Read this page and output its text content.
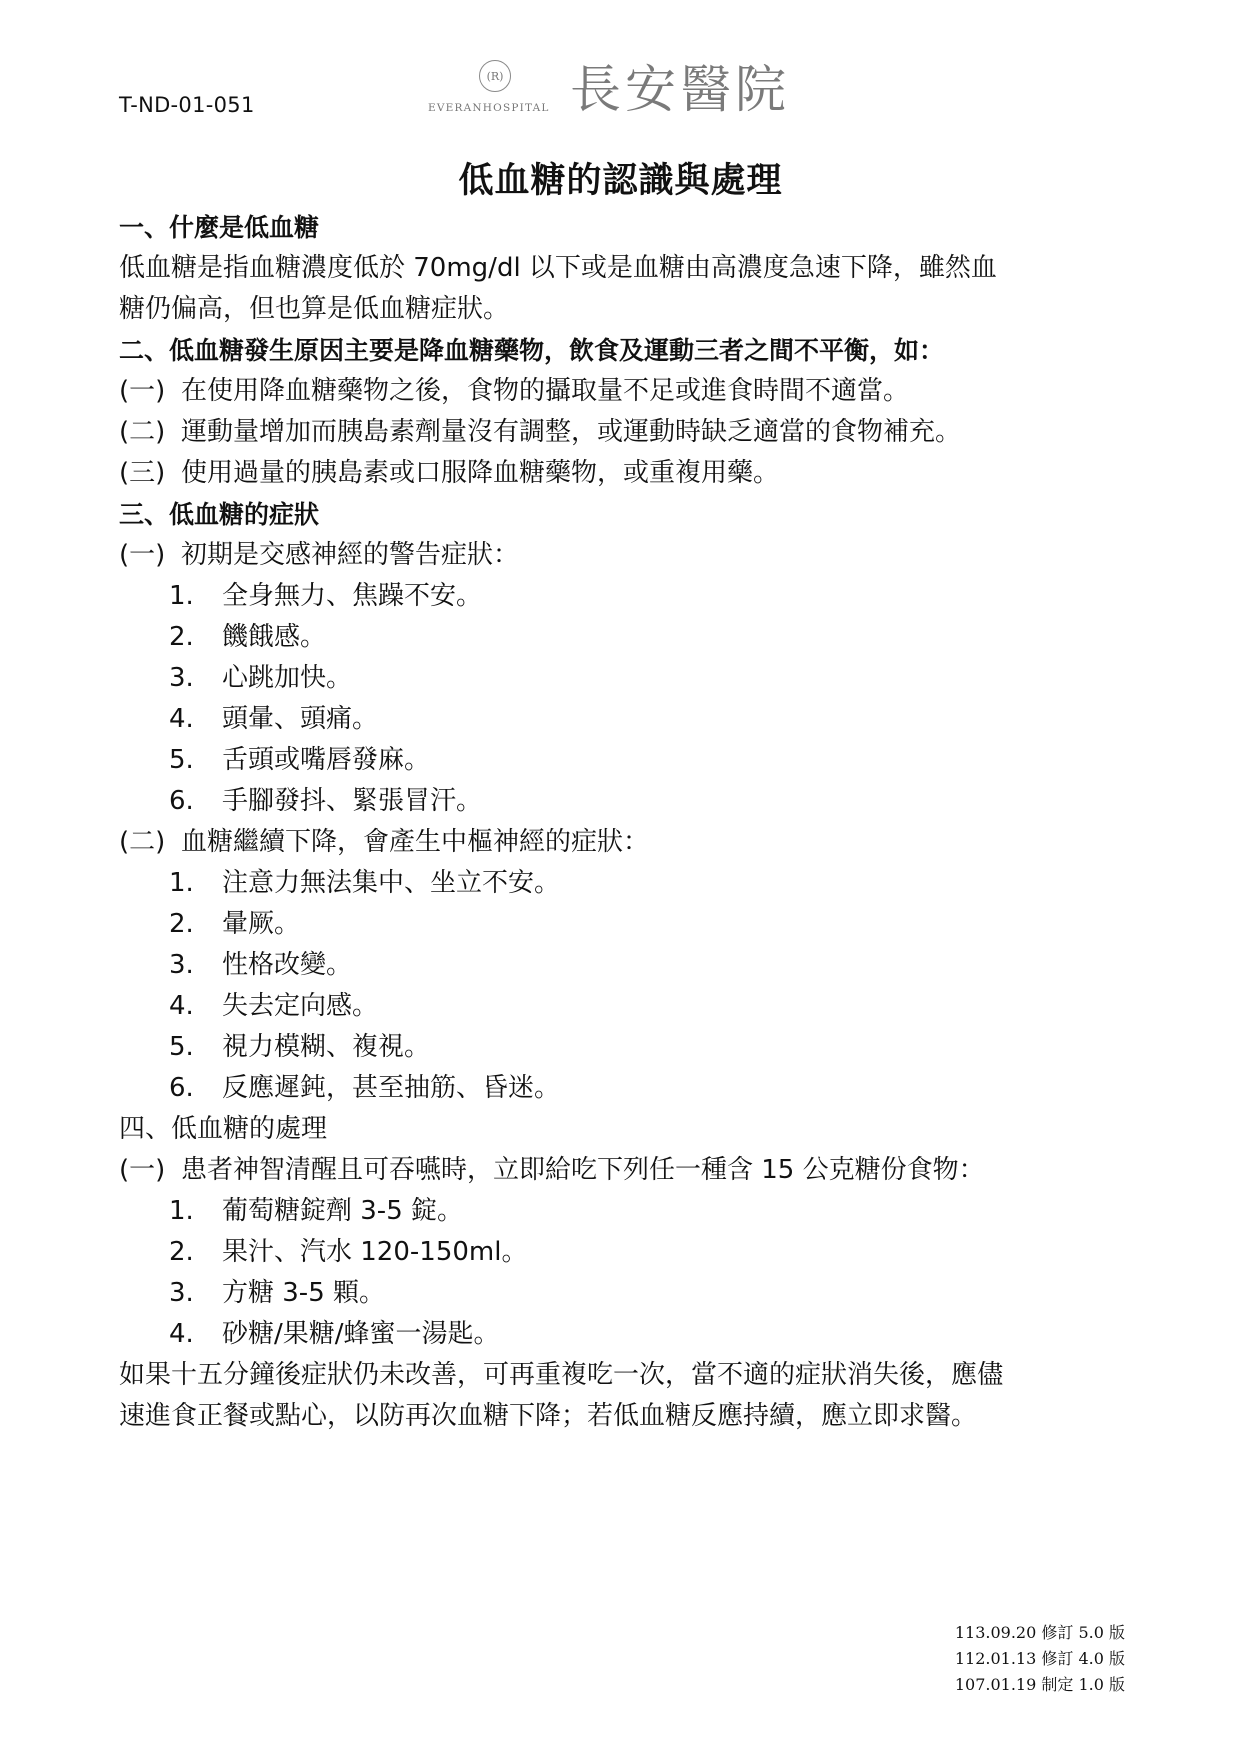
T-ND-01-051
(R)
EVERANHOSPITAL 長安醫院
低血糖的認識與處理
一、什麼是低血糖
低血糖是指血糖濃度低於 70mg/dl 以下或是血糖由高濃度急速下降，雖然血
糖仍偏高，但也算是低血糖症狀。
二、低血糖發生原因主要是降血糖藥物，飲食及運動三者之間不平衡，如：
(一) 在使用降血糖藥物之後，食物的攝取量不足或進食時間不適當。
(二) 運動量增加而胰島素劑量沒有調整，或運動時缺乏適當的食物補充。
(三) 使用過量的胰島素或口服降血糖藥物，或重複用藥。
三、低血糖的症狀
(一) 初期是交感神經的警告症狀：
1.	全身無力、焦躁不安。
2.	饑餓感。
3.	心跳加快。
4.	頭暈、頭痛。
5.	舌頭或嘴唇發麻。
6.	手腳發抖、緊張冒汗。
(二) 血糖繼續下降，會產生中樞神經的症狀：
1.	注意力無法集中、坐立不安。
2.	暈厥。
3.	性格改變。
4.	失去定向感。
5.	視力模糊、複視。
6.	反應遲鈍，甚至抽筋、昏迷。
四、低血糖的處理
(一) 患者神智清醒且可吞嚥時，立即給吃下列任一種含 15 公克糖份食物：
1.	葡萄糖錠劑 3-5 錠。
2.	果汁、汽水 120-150ml。
3.	方糖 3-5 顆。
4.	砂糖/果糖/蜂蜜一湯匙。
如果十五分鐘後症狀仍未改善，可再重複吃一次，當不適的症狀消失後，應儘
速進食正餐或點心，以防再次血糖下降；若低血糖反應持續，應立即求醫。
113.09.20 修訂 5.0 版
112.01.13 修訂 4.0 版
107.01.19 制定 1.0 版
